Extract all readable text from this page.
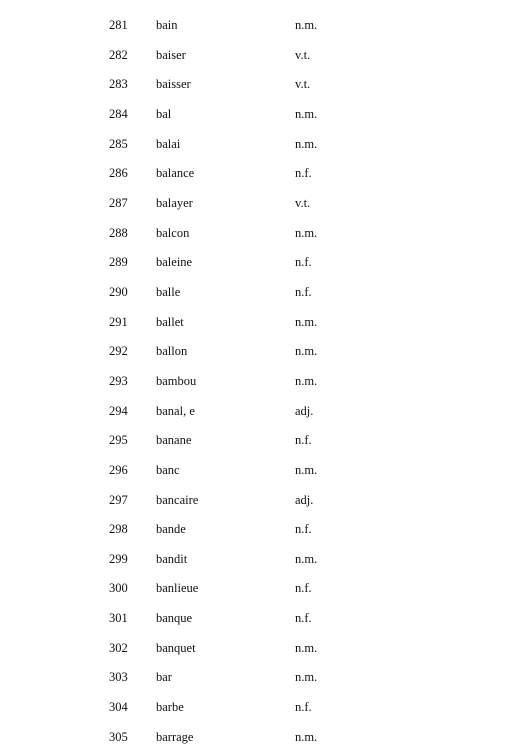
281 bain	n.m.
282 baiser	v.t.
283 baisser	v.t.
284 bal	n.m.
285 balai	n.m.
286 balance	n.f.
287 balayer	v.t.
288 balcon	n.m.
289 baleine	n.f.
290 balle	n.f.
291 ballet	n.m.
292 ballon	n.m.
293 bambou	n.m.
294 banal, e	adj.
295 banane	n.f.
296 banc	n.m.
297 bancaire	adj.
298 bande	n.f.
299 bandit	n.m.
300 banlieue	n.f.
301 banque	n.f.
302 banquet	n.m.
303 bar	n.m.
304 barbe	n.f.
305 barrage	n.m.
